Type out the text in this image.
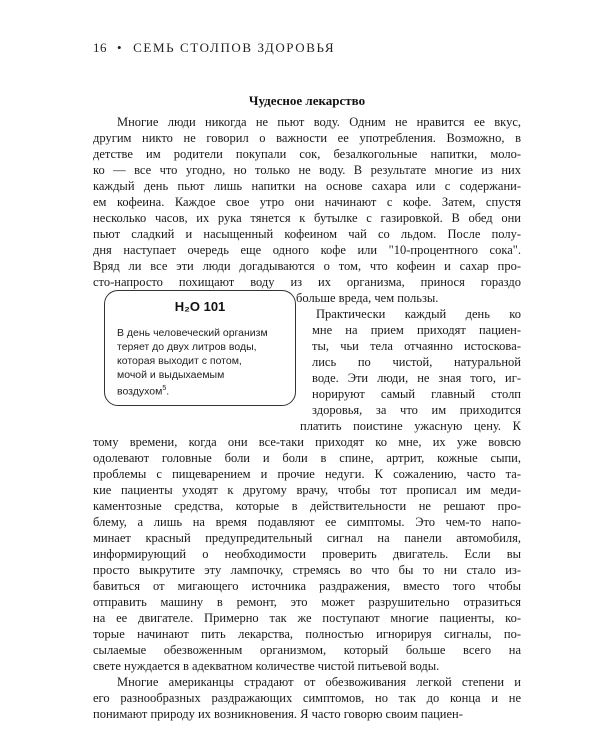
16 • СЕМЬ СТОЛПОВ ЗДОРОВЬЯ
Чудесное лекарство
Многие люди никогда не пьют воду. Одним не нравится ее вкус,
другим никто не говорил о важности ее употребления. Возможно, в
детстве им родители покупали сок, безалкогольные напитки, моло-
ко — все что угодно, но только не воду. В результате многие из них
каждый день пьют лишь напитки на основе сахара или с содержани-
ем кофеина. Каждое свое утро они начинают с кофе. Затем, спустя
несколько часов, их рука тянется к бутылке с газировкой. В обед они
пьют сладкий и насыщенный кофеином чай со льдом. После полу-
дня наступает очередь еще одного кофе или "10-процентного сока".
Вряд ли все эти люди догадываются о том, что кофеин и сахар про-
сто-напросто похищают воду из их организма, принося гораздо
больше вреда, чем пользы.
Практически каждый день ко
мне на прием приходят пациен-
ты, чьи тела отчаянно истосковa-
лись по чистой, натуральной
воде. Эти люди, не зная того, иг-
норируют самый главный столп
здоровья, за что им приходится
платить поистине ужасную цену. К
тому времени, когда они все-таки приходят ко мне, их уже вовсю
одолевают головные боли и боли в спине, артрит, кожные сыпи,
проблемы с пищеварением и прочие недуги. К сожалению, часто та-
кие пациенты уходят к другому врачу, чтобы тот прописал им меди-
каментозные средства, которые в действительности не решают про-
блему, а лишь на время подавляют ее симптомы. Это чем-то напо-
минает красный предупредительный сигнал на панели автомобиля,
информирующий о необходимости проверить двигатель. Если вы
просто выкрутите эту лампочку, стремясь во что бы то ни стало из-
бавиться от мигающего источника раздражения, вместо того чтобы
отправить машину в ремонт, это может разрушительно отразиться
на ее двигателе. Примерно так же поступают многие пациенты, ко-
торые начинают пить лекарства, полностью игнорируя сигналы, по-
сылаемые обезвоженным организмом, который больше всего на
свете нуждается в адекватном количестве чистой питьевой воды.
Многие американцы страдают от обезвоживания легкой степени и
его разнообразных раздражающих симптомов, но так до конца и не
понимают природу их возникновения. Я часто говорю своим пациен-
H₂O 101
В день человеческий организм
теряет до двух литров воды,
которая выходит с потом,
мочой и выдыхаемым
воздухом$^5$.
